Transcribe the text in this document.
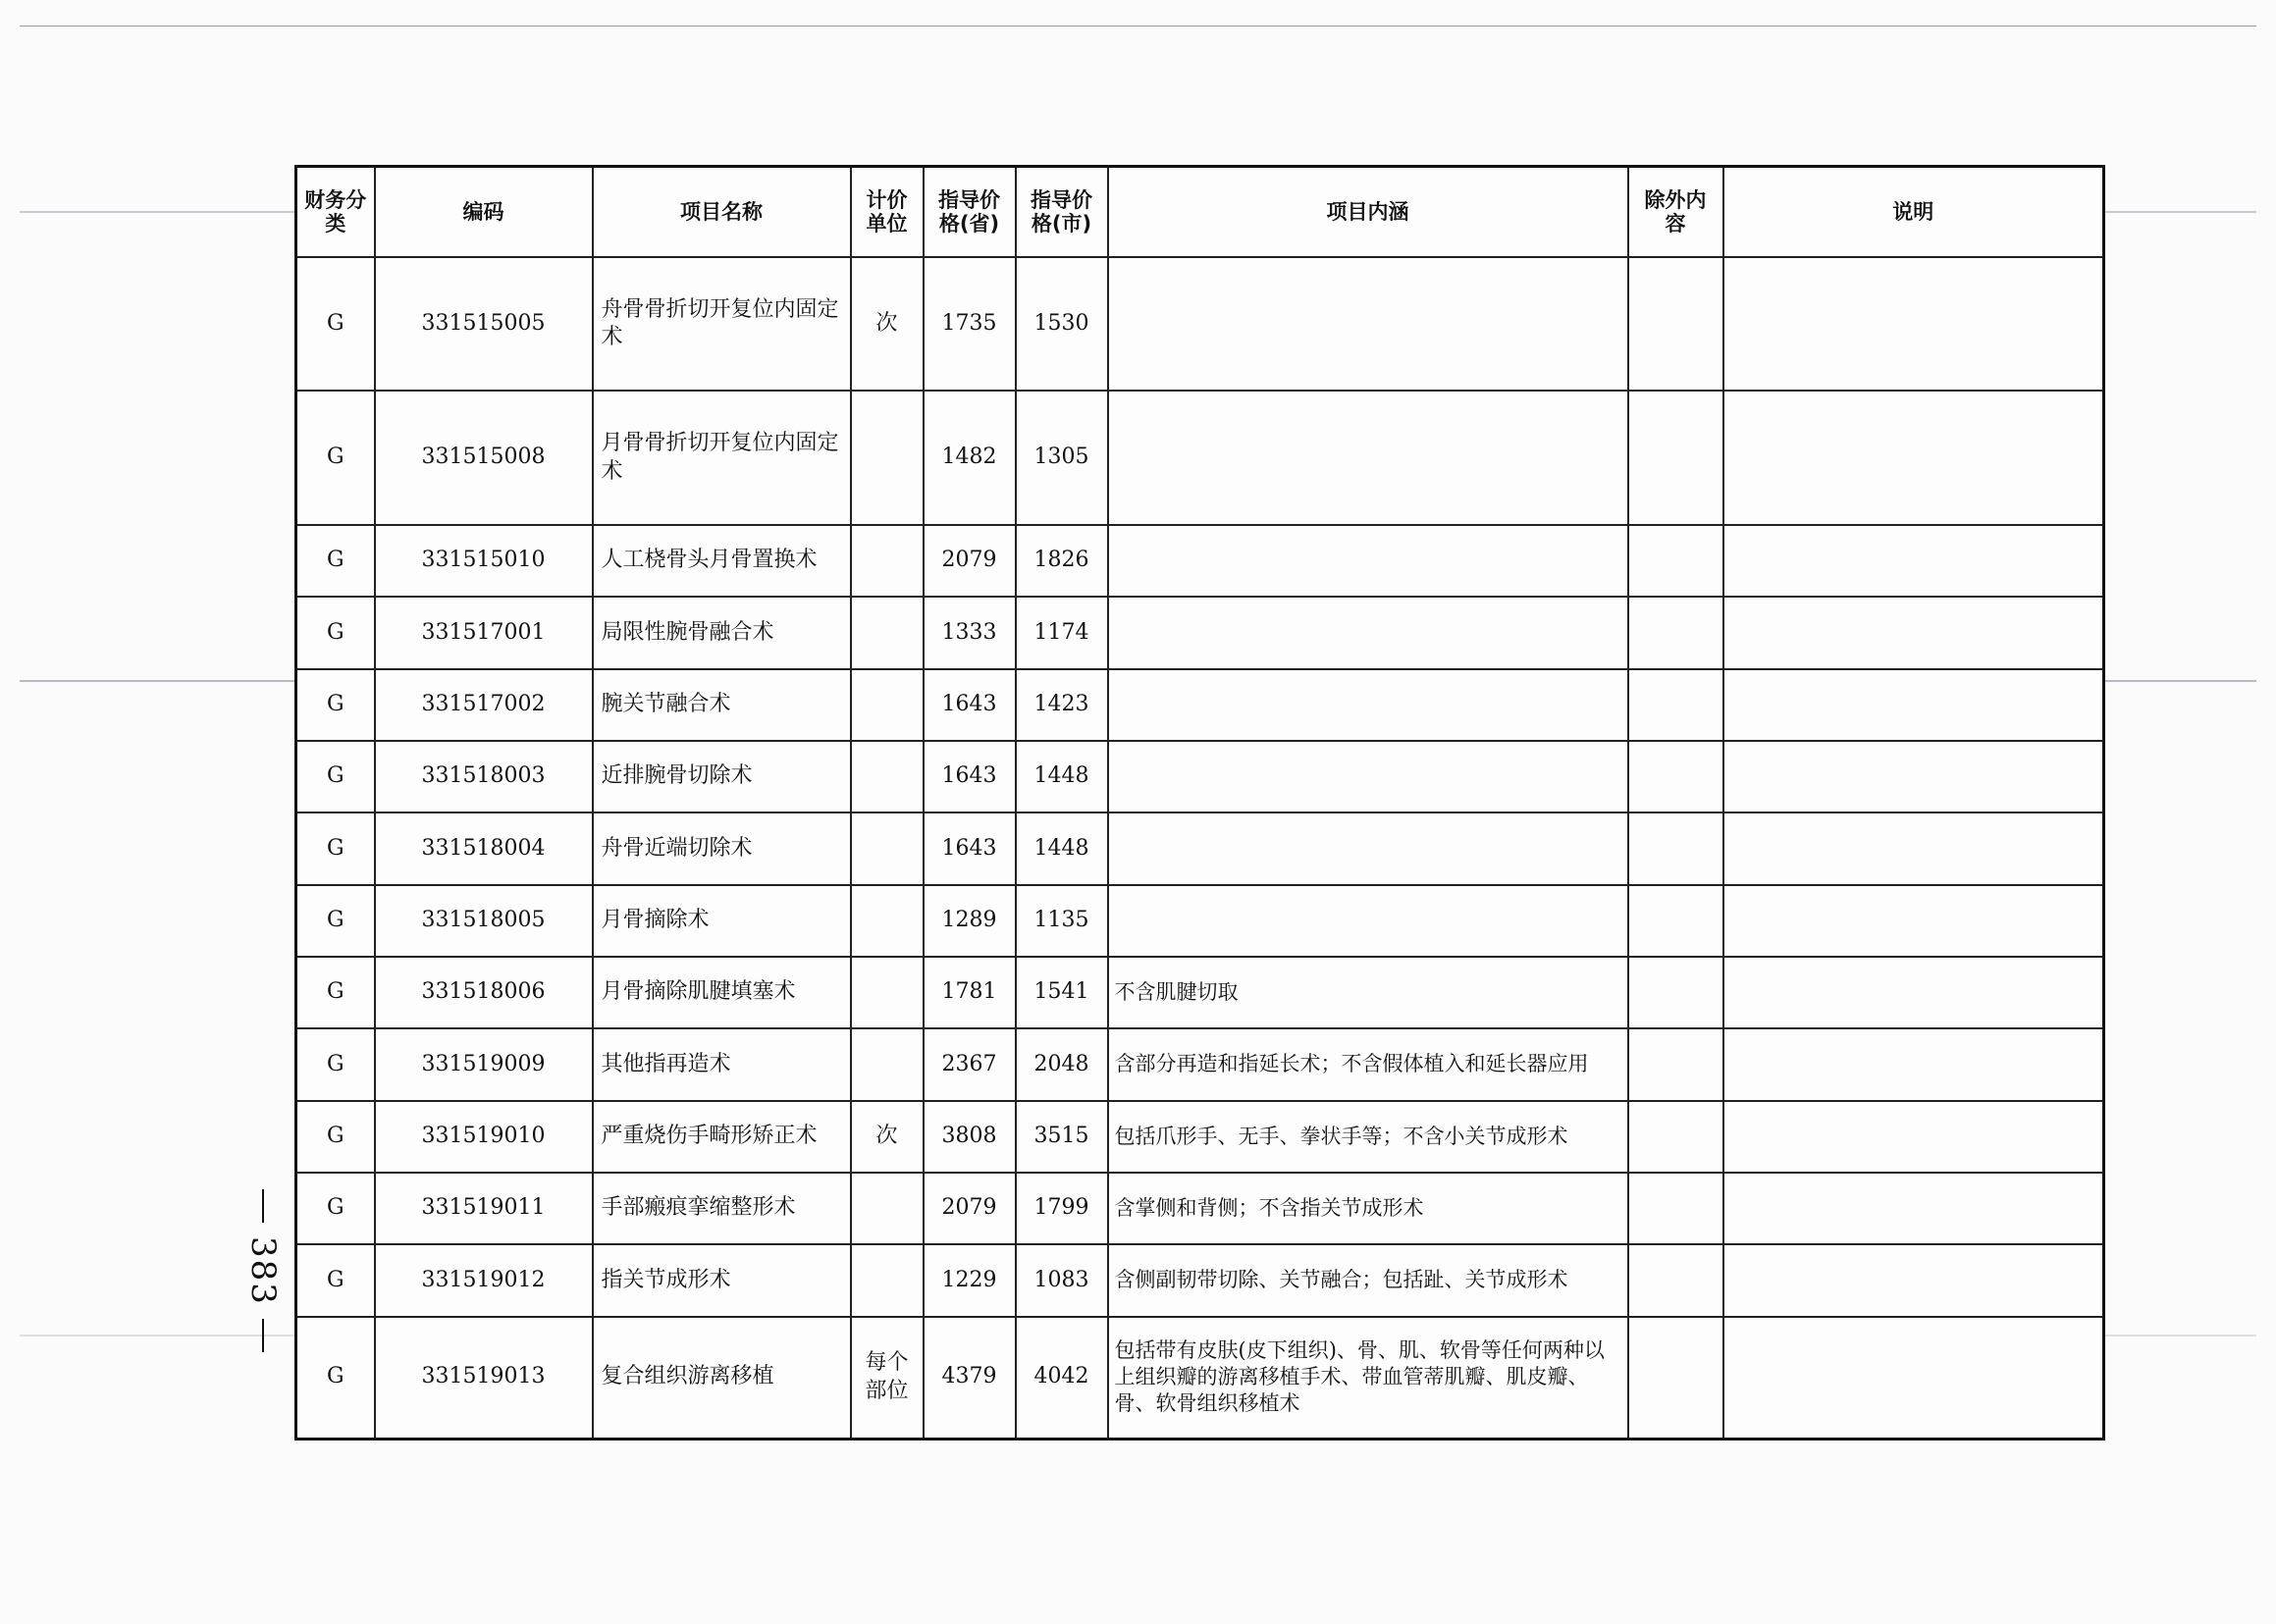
383
财务分类	编码	项目名称	计价单位	指导价格(省)	指导价格(市)	项目内涵	除外内容	说明
G	331515005	舟骨骨折切开复位内固定术	次	1735	1530			
G	331515008	月骨骨折切开复位内固定术		1482	1305			
G	331515010	人工桡骨头月骨置换术		2079	1826			
G	331517001	局限性腕骨融合术		1333	1174			
G	331517002	腕关节融合术		1643	1423			
G	331518003	近排腕骨切除术		1643	1448			
G	331518004	舟骨近端切除术		1643	1448			
G	331518005	月骨摘除术		1289	1135			
G	331518006	月骨摘除肌腱填塞术		1781	1541	不含肌腱切取		
G	331519009	其他指再造术		2367	2048	含部分再造和指延长术；不含假体植入和延长器应用		
G	331519010	严重烧伤手畸形矫正术	次	3808	3515	包括爪形手、无手、拳状手等；不含小关节成形术		
G	331519011	手部瘢痕挛缩整形术		2079	1799	含掌侧和背侧；不含指关节成形术		
G	331519012	指关节成形术		1229	1083	含侧副韧带切除、关节融合；包括趾、关节成形术		
G	331519013	复合组织游离移植	每个部位	4379	4042	包括带有皮肤(皮下组织)、骨、肌、软骨等任何两种以上组织瓣的游离移植手术、带血管蒂肌瓣、肌皮瓣、骨、软骨组织移植术		
